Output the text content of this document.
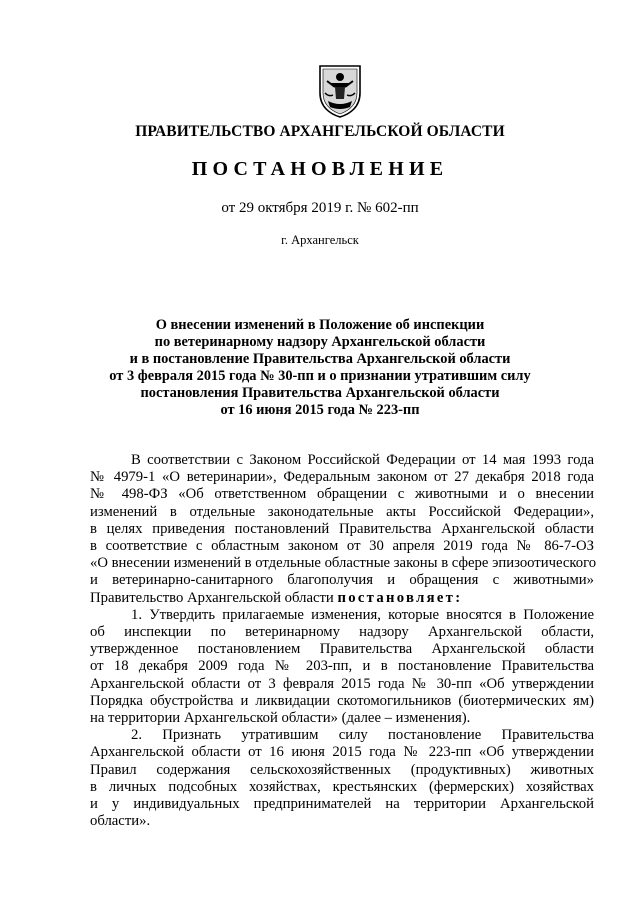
ПРАВИТЕЛЬСТВО АРХАНГЕЛЬСКОЙ ОБЛАСТИ
ПОСТАНОВЛЕНИЕ
от 29 октября 2019 г. № 602-пп
г. Архангельск
О внесении изменений в Положение об инспекции
по ветеринарному надзору Архангельской области
и в постановление Правительства Архангельской области
от 3 февраля 2015 года № 30-пп и о признании утратившим силу
постановления Правительства Архангельской области
от 16 июня 2015 года № 223-пп
В соответствии с Законом Российской Федерации от 14 мая 1993 года
№ 4979-1 «О ветеринарии», Федеральным законом от 27 декабря 2018 года
№ 498-ФЗ «Об ответственном обращении с животными и о внесении
изменений в отдельные законодательные акты Российской Федерации»,
в целях приведения постановлений Правительства Архангельской области
в соответствие с областным законом от 30 апреля 2019 года № 86-7-ОЗ
«О внесении изменений в отдельные областные законы в сфере эпизоотического
и ветеринарно-санитарного благополучия и обращения с животными»
Правительство Архангельской области постановляет:
1. Утвердить прилагаемые изменения, которые вносятся в Положение
об инспекции по ветеринарному надзору Архангельской области,
утвержденное постановлением Правительства Архангельской области
от 18 декабря 2009 года № 203-пп, и в постановление Правительства
Архангельской области от 3 февраля 2015 года № 30-пп «Об утверждении
Порядка обустройства и ликвидации скотомогильников (биотермических ям)
на территории Архангельской области» (далее – изменения).
2. Признать утратившим силу постановление Правительства
Архангельской области от 16 июня 2015 года № 223-пп «Об утверждении
Правил содержания сельскохозяйственных (продуктивных) животных
в личных подсобных хозяйствах, крестьянских (фермерских) хозяйствах
и у индивидуальных предпринимателей на территории Архангельской
области».
